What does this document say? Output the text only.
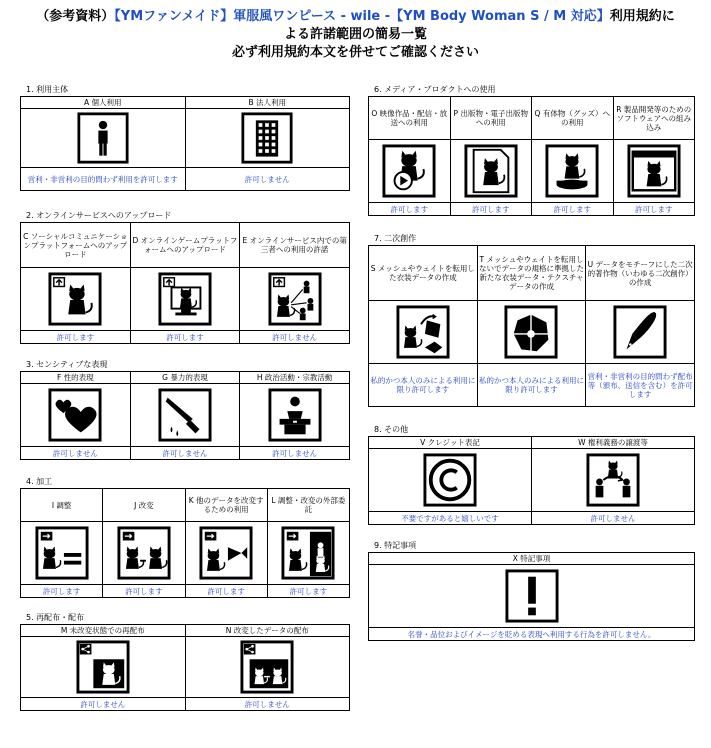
（参考資料）【YMファンメイド】軍服風ワンピース - wile -【YM Body Woman S / M 対応】利用規約に
よる許諾範囲の簡易一覧
必ず利用規約本文を併せてご確認ください
1. 利用主体
A 個人利用	B 法人利用

営利・非営利の目的問わず利用を許可します	許可しません
2. オンラインサービスへのアップロード
C ソーシャルコミュニケーションプラットフォームへのアップロード	D オンラインゲームプラットフォームへのアップロード	E オンラインサービス内での第三者への利用の許諾

許可します	許可します	許可しません
3. センシティブな表現
F 性的表現	G 暴力的表現	H 政治活動・宗教活動

許可しません	許可しません	許可しません
4. 加工
I 調整	J 改変	K 他のデータを改変するための利用	L 調整・改変の外部委託

許可します	許可します	許可します	許可します
5. 再配布・配布
M 未改変状態での再配布	N 改変したデータの配布

許可しません	許可しません
6. メディア・プロダクトへの使用
O 映像作品・配信・放送への利用	P 出版物・電子出版物への利用	Q 有体物（グッズ）への利用	R 製品開発等のためのソフトウェアへの組み込み

許可します	許可します	許可します	許可します
7. 二次創作
S メッシュやウェイトを転用した衣装データの作成	T メッシュやウェイトを転用しないでデータの規格に準拠した新たな衣装データ・テクスチャデータの作成	U データをモチーフにした二次的著作物（いわゆる二次創作）の作成

私的かつ本人のみによる利用に限り許可します	私的かつ本人のみによる利用に限り許可します	営利・非営利の目的問わず配布等（頒布、送信を含む）を許可します
8. その他
V クレジット表記	W 権利義務の譲渡等

不要ですがあると嬉しいです	許可しません
9. 特記事項
X 特記事項

名誉・品位およびイメージを貶める表現へ利用する行為を許可しません。
